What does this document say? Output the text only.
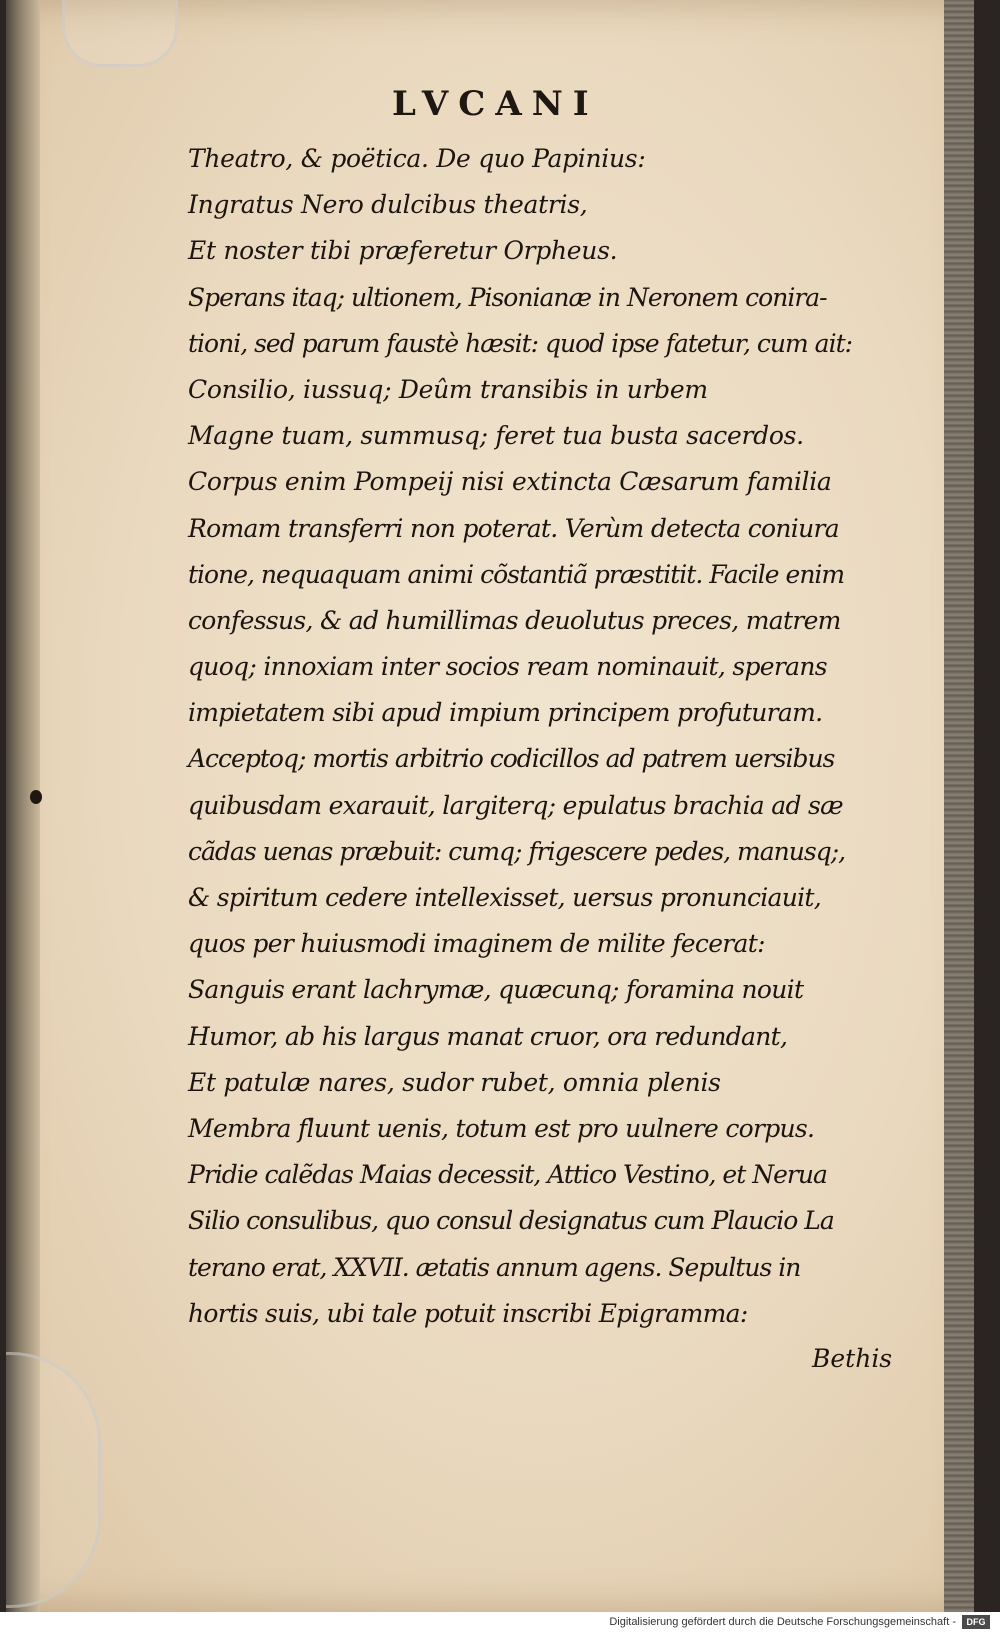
LVCANI
Theatro, & poëtica. De quo Papinius:
Ingratus Nero dulcibus theatris,
Et noster tibi præferetur Orpheus.
Sperans itaq; ultionem, Pisonianæ in Neronem conira-
tioni, sed parum faustè hæsit: quod ipse fatetur, cum ait:
Consilio, iussuq; Deûm transibis in urbem
Magne tuam, summusq; feret tua busta sacerdos.
Corpus enim Pompeij nisi extincta Cæsarum familia
Romam transferri non poterat. Verùm detecta coniura
tione, nequaquam animi cõstantiã præstitit. Facile enim
confessus, & ad humillimas deuolutus preces, matrem
quoq; innoxiam inter socios ream nominauit, sperans
impietatem sibi apud impium principem profuturam.
Acceptoq; mortis arbitrio codicillos ad patrem uersibus
quibusdam exarauit, largiterq; epulatus brachia ad sæ
cãdas uenas præbuit: cumq; frigescere pedes, manusq;,
& spiritum cedere intellexisset, uersus pronunciauit,
quos per huiusmodi imaginem de milite fecerat:
Sanguis erant lachrymæ, quæcunq; foramina nouit
Humor, ab his largus manat cruor, ora redundant,
Et patulæ nares, sudor rubet, omnia plenis
Membra fluunt uenis, totum est pro uulnere corpus.
Pridie calẽdas Maias decessit, Attico Vestino, et Nerua
Silio consulibus, quo consul designatus cum Plaucio La
terano erat, XXVII. ætatis annum agens. Sepultus in
hortis suis, ubi tale potuit inscribi Epigramma:
Bethis
Digitalisierung gefördert durch die Deutsche Forschungsgemeinschaft -	DFG
